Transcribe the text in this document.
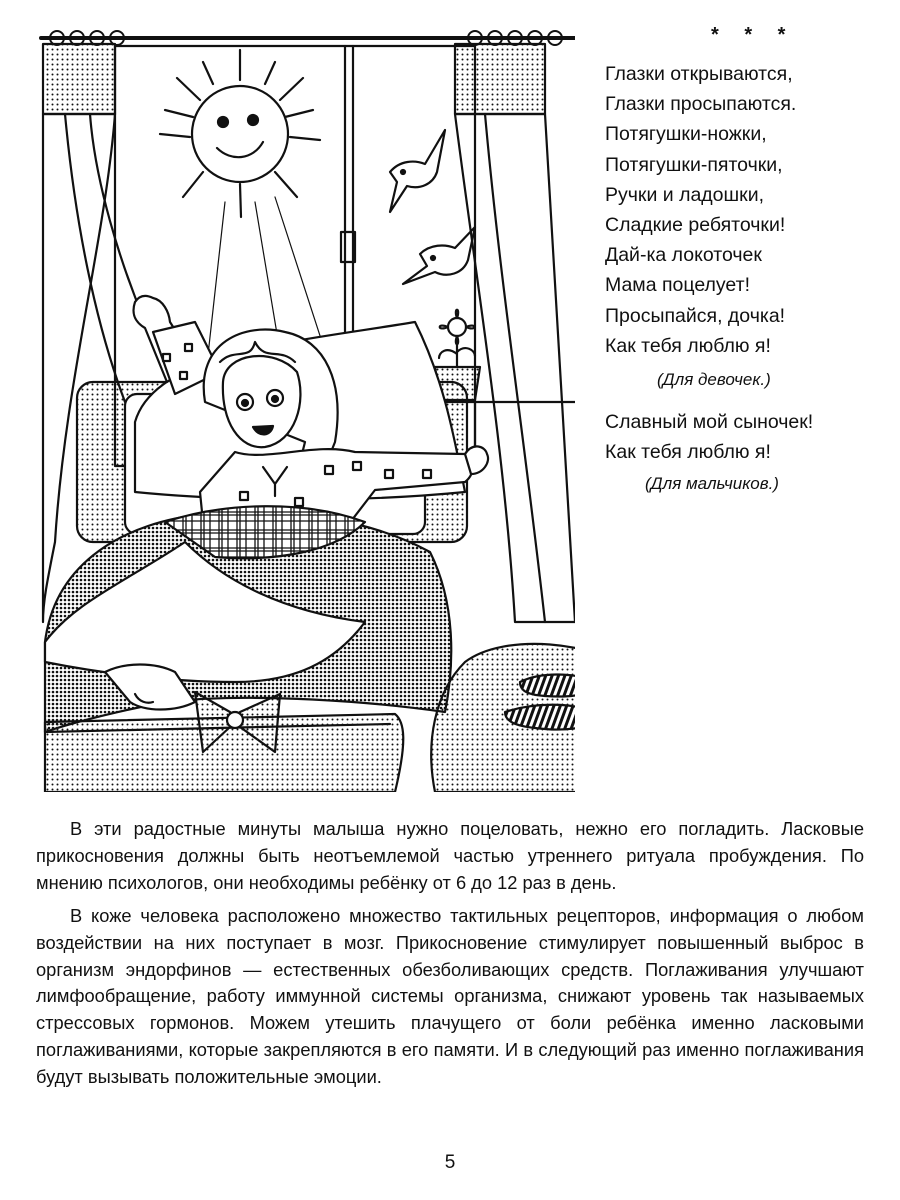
* * *
Глазки открываются,
Глазки просыпаются.
Потягушки-ножки,
Потягушки-пяточки,
Ручки и ладошки,
Сладкие ребяточки!
Дай-ка локоточек
Мама поцелует!
Просыпайся, дочка!
Как тебя люблю я!
(Для девочек.)
Славный мой сыночек!
Как тебя люблю я!
(Для мальчиков.)

В эти радостные минуты малыша нужно поцеловать, нежно его погладить. Ласковые прикосновения должны быть неотъемлемой частью утреннего ритуала пробуждения. По мнению психологов, они необходимы ребёнку от 6 до 12 раз в день.

В коже человека расположено множество тактильных рецепторов, информация о любом воздействии на них поступает в мозг. Прикосновение стимулирует повышенный выброс в организм эндорфинов — естественных обезболивающих средств. Поглаживания улучшают лимфообращение, работу иммунной системы организма, снижают уровень так называемых стрессовых гормонов. Можем утешить плачущего от боли ребёнка именно ласковыми поглаживаниями, которые закрепляются в его памяти. И в следующий раз именно поглаживания будут вызывать положительные эмоции.

5
